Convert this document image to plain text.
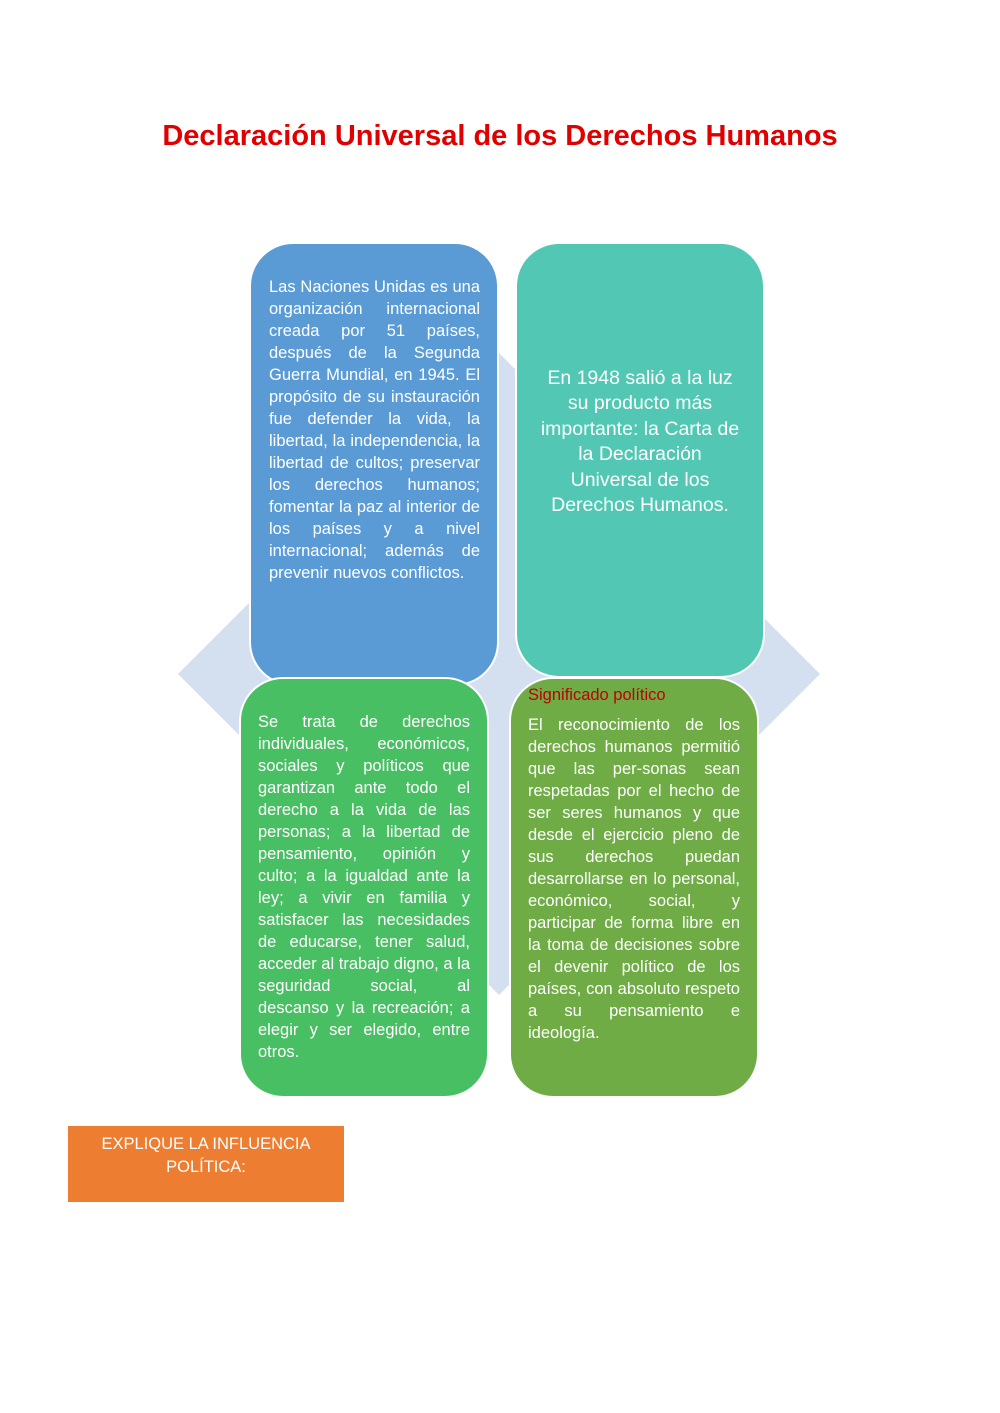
Declaración Universal de los Derechos Humanos

Las Naciones Unidas es una organización internacional creada por 51 países, después de la Segunda Guerra Mundial, en 1945. El propósito de su instauración fue defender la vida, la libertad, la independencia, la libertad de cultos; preservar los derechos humanos; fomentar la paz al interior de los países y a nivel internacional; además de prevenir nuevos conflictos.

En 1948 salió a la luz su producto más importante: la Carta de la Declaración Universal de los Derechos Humanos.

Se trata de derechos individuales, económicos, sociales y políticos que garantizan ante todo el derecho a la vida de las personas; a la libertad de pensamiento, opinión y culto; a la igualdad ante la ley; a vivir en familia y satisfacer las necesidades de educarse, tener salud, acceder al trabajo digno, a la seguridad social, al descanso y la recreación; a elegir y ser elegido, entre otros.

Significado político

El reconocimiento de los derechos humanos permitió que las per-sonas sean respetadas por el hecho de ser seres humanos y que desde el ejercicio pleno de sus derechos puedan desarrollarse en lo personal, económico, social, y participar de forma libre en la toma de decisiones sobre el devenir político de los países, con absoluto respeto a su pensamiento e ideología.

EXPLIQUE LA INFLUENCIA POLÍTICA:
